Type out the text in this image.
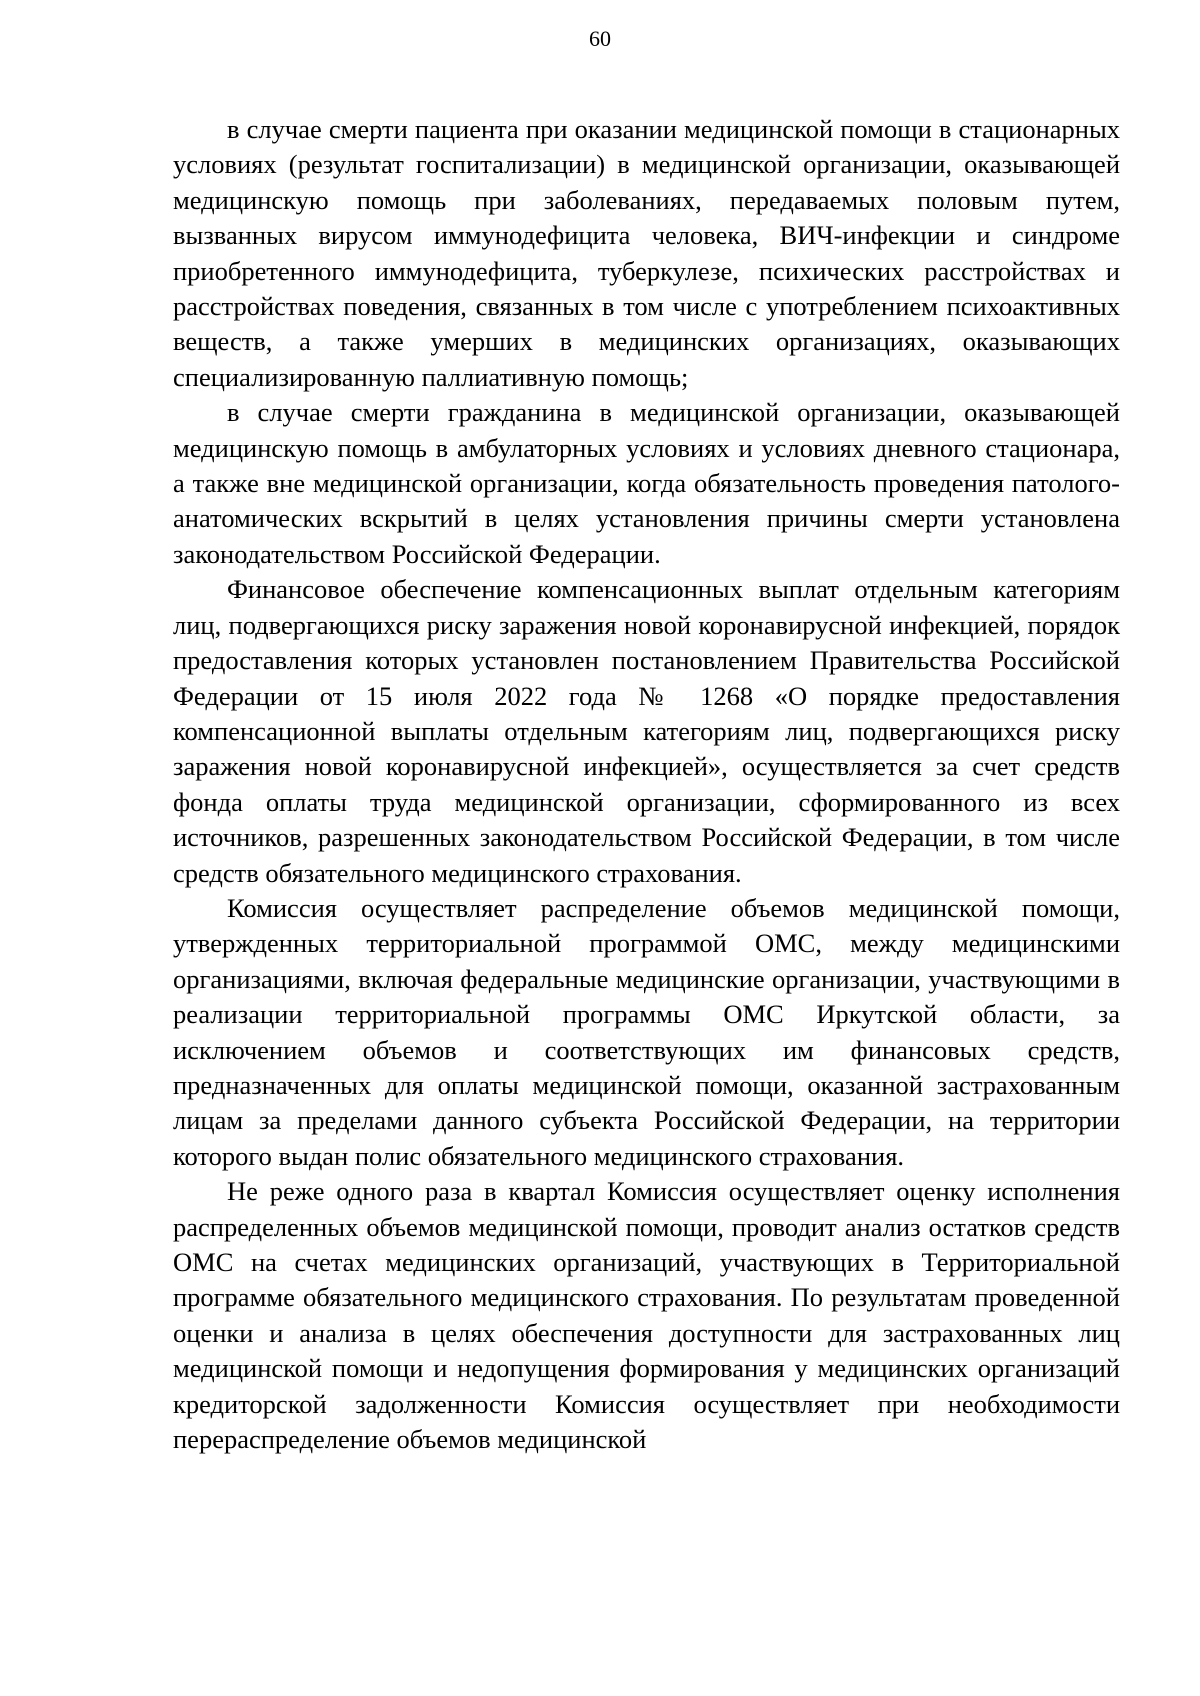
60

в случае смерти пациента при оказании медицинской помощи в стационарных условиях (результат госпитализации) в медицинской организации, оказывающей медицинскую помощь при заболеваниях, передаваемых половым путем, вызванных вирусом иммунодефицита человека, ВИЧ-инфекции и синдроме приобретенного иммунодефицита, туберкулезе, психических расстройствах и расстройствах поведения, связанных в том числе с употреблением психоактивных веществ, а также умерших в медицинских организациях, оказывающих специализированную паллиативную помощь;

в случае смерти гражданина в медицинской организации, оказывающей медицинскую помощь в амбулаторных условиях и условиях дневного стационара, а также вне медицинской организации, когда обязательность проведения патолого-анатомических вскрытий в целях установления причины смерти установлена законодательством Российской Федерации.

Финансовое обеспечение компенсационных выплат отдельным категориям лиц, подвергающихся риску заражения новой коронавирусной инфекцией, порядок предоставления которых установлен постановлением Правительства Российской Федерации от 15 июля 2022 года № 1268 «О порядке предоставления компенсационной выплаты отдельным категориям лиц, подвергающихся риску заражения новой коронавирусной инфекцией», осуществляется за счет средств фонда оплаты труда медицинской организации, сформированного из всех источников, разрешенных законодательством Российской Федерации, в том числе средств обязательного медицинского страхования.

Комиссия осуществляет распределение объемов медицинской помощи, утвержденных территориальной программой ОМС, между медицинскими организациями, включая федеральные медицинские организации, участвующими в реализации территориальной программы ОМС Иркутской области, за исключением объемов и соответствующих им финансовых средств, предназначенных для оплаты медицинской помощи, оказанной застрахованным лицам за пределами данного субъекта Российской Федерации, на территории которого выдан полис обязательного медицинского страхования.

Не реже одного раза в квартал Комиссия осуществляет оценку исполнения распределенных объемов медицинской помощи, проводит анализ остатков средств ОМС на счетах медицинских организаций, участвующих в Территориальной программе обязательного медицинского страхования. По результатам проведенной оценки и анализа в целях обеспечения доступности для застрахованных лиц медицинской помощи и недопущения формирования у медицинских организаций кредиторской задолженности Комиссия осуществляет при необходимости перераспределение объемов медицинской
